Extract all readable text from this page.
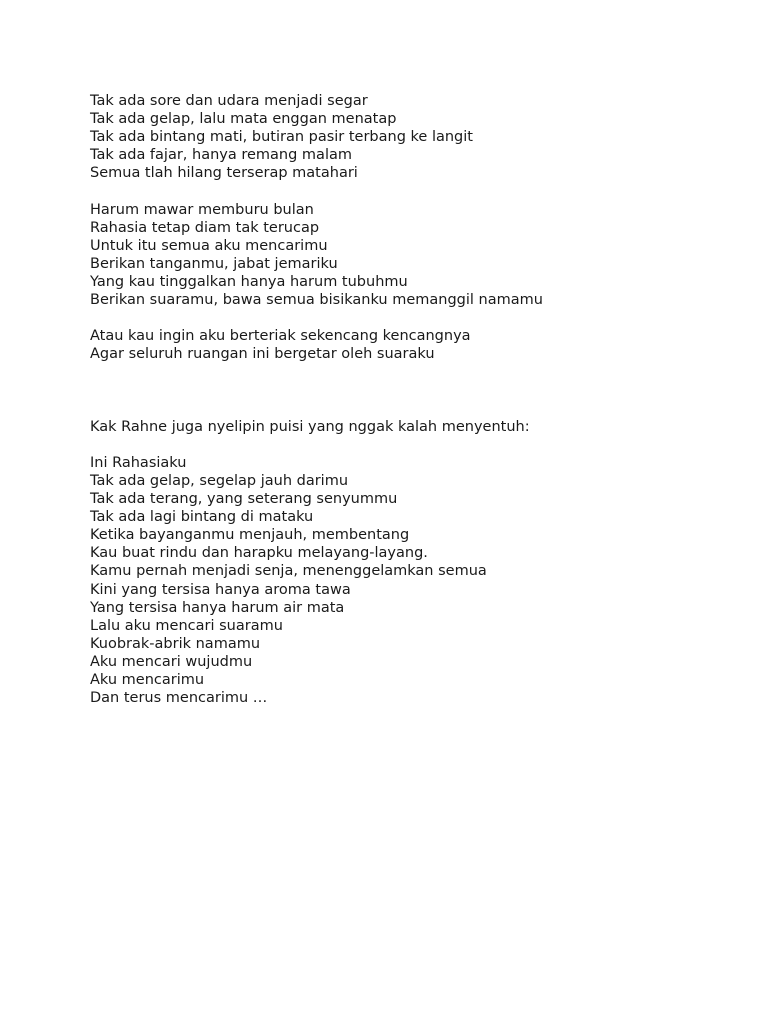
Tak ada sore dan udara menjadi segar
Tak ada gelap, lalu mata enggan menatap
Tak ada bintang mati, butiran pasir terbang ke langit
Tak ada fajar, hanya remang malam
Semua tlah hilang terserap matahari
Harum mawar memburu bulan
Rahasia tetap diam tak terucap
Untuk itu semua aku mencarimu
Berikan tanganmu, jabat jemariku
Yang kau tinggalkan hanya harum tubuhmu
Berikan suaramu, bawa semua bisikanku memanggil namamu
Atau kau ingin aku berteriak sekencang kencangnya
Agar seluruh ruangan ini bergetar oleh suaraku
Kak Rahne juga nyelipin puisi yang nggak kalah menyentuh:
Ini Rahasiaku
Tak ada gelap, segelap jauh darimu
Tak ada terang, yang seterang senyummu
Tak ada lagi bintang di mataku
Ketika bayanganmu menjauh, membentang
Kau buat rindu dan harapku melayang-layang.
Kamu pernah menjadi senja, menenggelamkan semua
Kini yang tersisa hanya aroma tawa
Yang tersisa hanya harum air mata
Lalu aku mencari suaramu
Kuobrak-abrik namamu
Aku mencari wujudmu
Aku mencarimu
Dan terus mencarimu …
